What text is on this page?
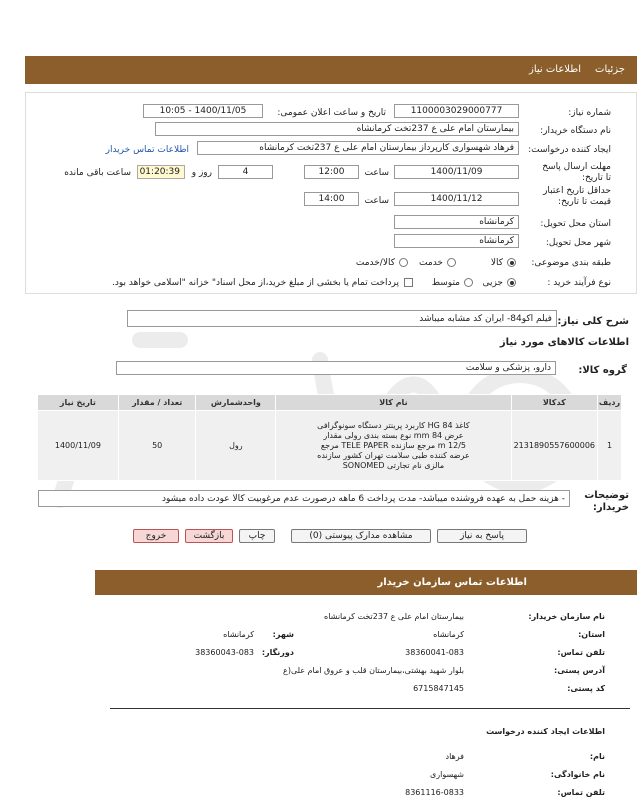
جزئیات
اطلاعات نیاز
شماره نیاز:
1100003029000777
تاریخ و ساعت اعلان عمومی:
1400/11/05 - 10:05
نام دستگاه خریدار:
بیمارستان امام علی ع 237تخت کرمانشاه
ایجاد کننده درخواست:
فرهاد شهسواری کارپرداز بیمارستان امام علی ع 237تخت کرمانشاه
اطلاعات تماس خریدار
مهلت ارسال پاسخ تا تاریخ:
1400/11/09
ساعت
12:00
4
روز و
01:20:39
ساعت باقی مانده
حداقل تاریخ اعتبار قیمت تا تاریخ:
1400/11/12
ساعت
14:00
استان محل تحویل:
کرمانشاه
شهر محل تحویل:
کرمانشاه
طبقه بندی موضوعی:
کالا
خدمت
کالا/خدمت
نوع فرآیند خرید :
جزیی
متوسط
پرداخت تمام یا بخشی از مبلغ خرید،از محل اسناد" خزانه "اسلامی خواهد بود.
شرح کلی نیاز:
فیلم اکو84- ایران کد مشابه میباشد
اطلاعات کالاهای مورد نیاز
گروه کالا:
دارو، پزشکی و سلامت
ردیف	کدکالا	نام کالا	واحدشمارش	تعداد / مقدار	تاریخ نیاز
1	2131890557600006	کاغذ HG 84 کاربرد پرینتر دستگاه سونوگرافی عرض 84 mm نوع بسته بندی رولی مقدار 12/5 m مرجع سازنده TELE PAPER مرجع عرضه کننده طبی سلامت تهران کشور سازنده مالزی نام تجارتی SONOMED	رول	50	1400/11/09
توضیحات خریدار:
- هزینه حمل به عهده فروشنده میباشد- مدت پرداخت 6 ماهه درصورت عدم مرغوبیت کالا عودت داده میشود
پاسخ به نیاز
مشاهده مدارک پیوستی (0)
چاپ
بازگشت
خروج
اطلاعات تماس سازمان خریدار
نام سازمان خریدار:
بیمارستان امام علی ع 237تخت کرمانشاه
استان:
کرمانشاه
شهر:
کرمانشاه
تلفن تماس:
38360041-083
دورنگار:
38360043-083
آدرس پستی:
بلوار شهید بهشتی،بیمارستان قلب و عروق امام علی(ع
کد پستی:
6715847145
اطلاعات ایجاد کننده درخواست
نام:
فرهاد
نام خانوادگی:
شهسواری
تلفن تماس:
8361116-0833
